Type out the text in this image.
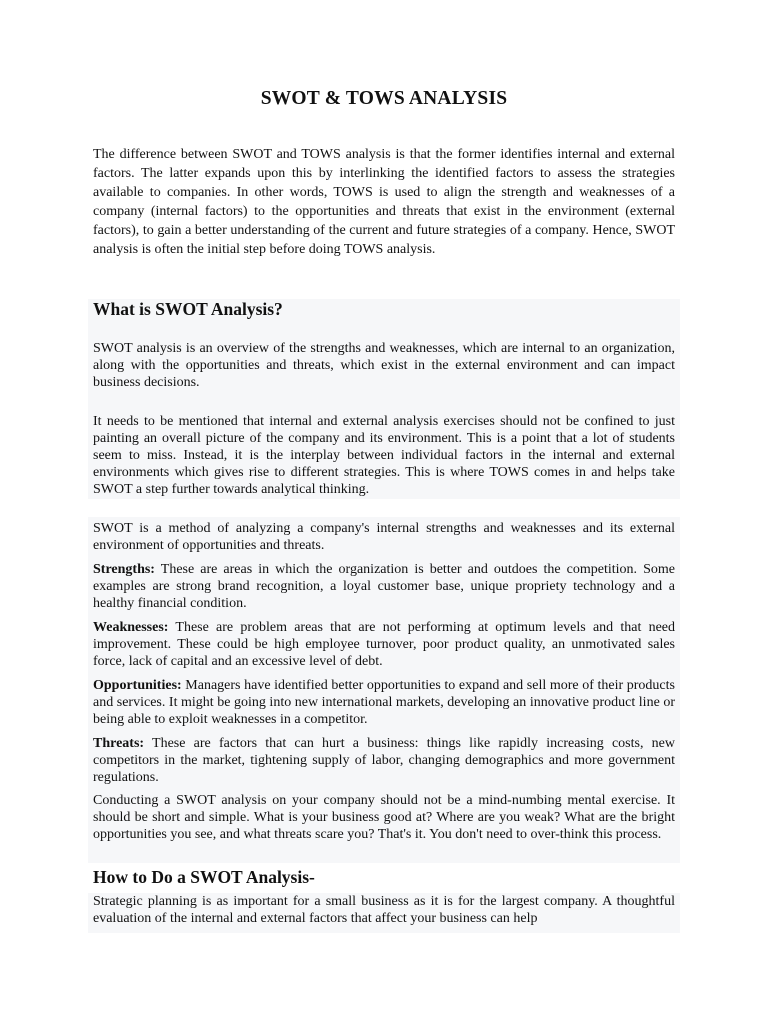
SWOT & TOWS ANALYSIS

The difference between SWOT and TOWS analysis is that the former identifies internal and external factors. The latter expands upon this by interlinking the identified factors to assess the strategies available to companies. In other words, TOWS is used to align the strength and weaknesses of a company (internal factors) to the opportunities and threats that exist in the environment (external factors), to gain a better understanding of the current and future strategies of a company. Hence, SWOT analysis is often the initial step before doing TOWS analysis.

What is SWOT Analysis?

SWOT analysis is an overview of the strengths and weaknesses, which are internal to an organization, along with the opportunities and threats, which exist in the external environment and can impact business decisions.

It needs to be mentioned that internal and external analysis exercises should not be confined to just painting an overall picture of the company and its environment. This is a point that a lot of students seem to miss. Instead, it is the interplay between individual factors in the internal and external environments which gives rise to different strategies. This is where TOWS comes in and helps take SWOT a step further towards analytical thinking.

SWOT is a method of analyzing a company's internal strengths and weaknesses and its external environment of opportunities and threats.

Strengths: These are areas in which the organization is better and outdoes the competition. Some examples are strong brand recognition, a loyal customer base, unique propriety technology and a healthy financial condition.

Weaknesses: These are problem areas that are not performing at optimum levels and that need improvement. These could be high employee turnover, poor product quality, an unmotivated sales force, lack of capital and an excessive level of debt.

Opportunities: Managers have identified better opportunities to expand and sell more of their products and services. It might be going into new international markets, developing an innovative product line or being able to exploit weaknesses in a competitor.

Threats: These are factors that can hurt a business: things like rapidly increasing costs, new competitors in the market, tightening supply of labor, changing demographics and more government regulations.

Conducting a SWOT analysis on your company should not be a mind-numbing mental exercise. It should be short and simple. What is your business good at? Where are you weak? What are the bright opportunities you see, and what threats scare you? That's it. You don't need to over-think this process.

How to Do a SWOT Analysis-

Strategic planning is as important for a small business as it is for the largest company. A thoughtful evaluation of the internal and external factors that affect your business can help
